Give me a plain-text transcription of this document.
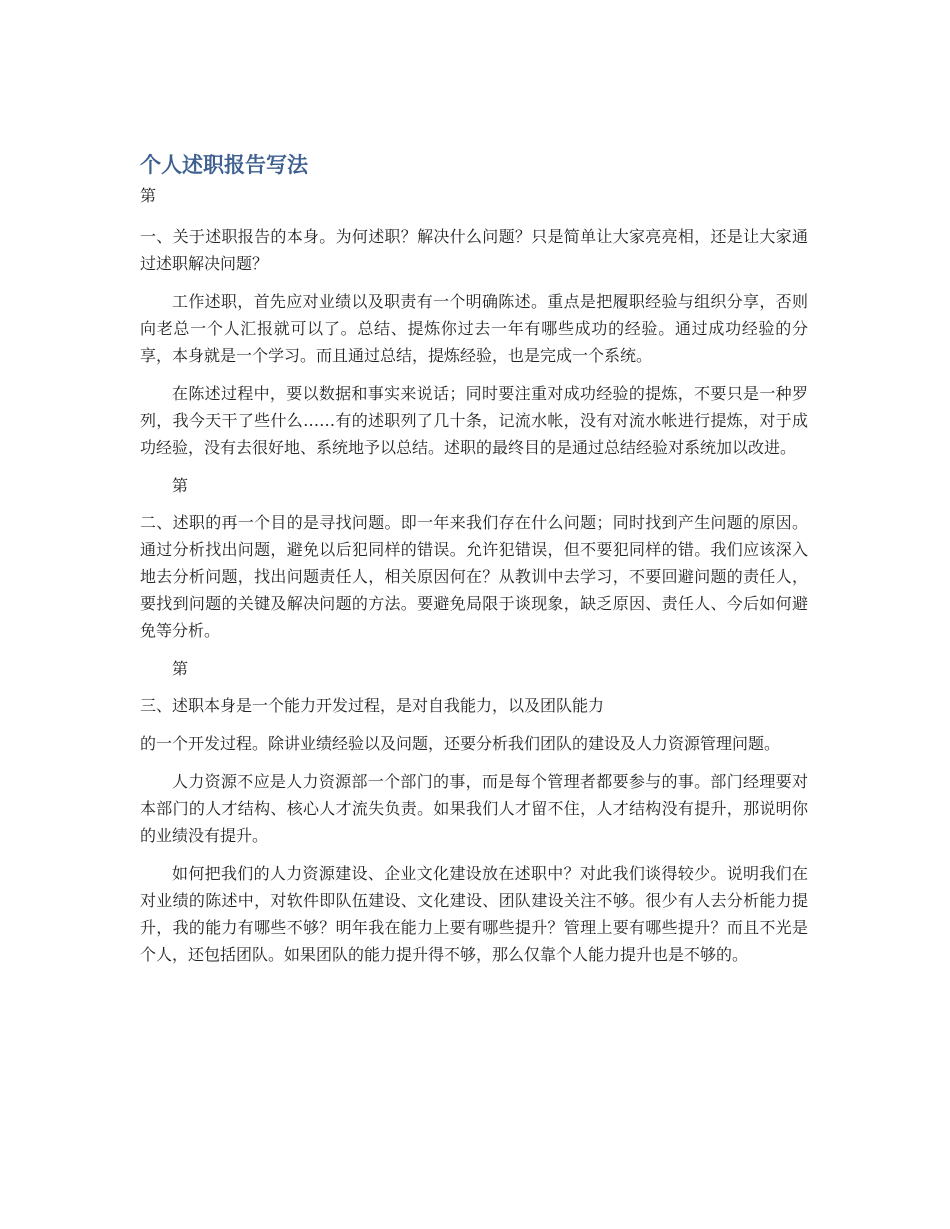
个人述职报告写法

第

一、关于述职报告的本身。为何述职？解决什么问题？只是简单让大家亮亮相，还是让大家通过述职解决问题？

工作述职，首先应对业绩以及职责有一个明确陈述。重点是把履职经验与组织分享，否则向老总一个人汇报就可以了。总结、提炼你过去一年有哪些成功的经验。通过成功经验的分享，本身就是一个学习。而且通过总结，提炼经验，也是完成一个系统。

在陈述过程中，要以数据和事实来说话；同时要注重对成功经验的提炼，不要只是一种罗列，我今天干了些什么……有的述职列了几十条，记流水帐，没有对流水帐进行提炼，对于成功经验，没有去很好地、系统地予以总结。述职的最终目的是通过总结经验对系统加以改进。

第

二、述职的再一个目的是寻找问题。即一年来我们存在什么问题；同时找到产生问题的原因。通过分析找出问题，避免以后犯同样的错误。允许犯错误，但不要犯同样的错。我们应该深入地去分析问题，找出问题责任人，相关原因何在？从教训中去学习，不要回避问题的责任人，要找到问题的关键及解决问题的方法。要避免局限于谈现象，缺乏原因、责任人、今后如何避免等分析。

第

三、述职本身是一个能力开发过程，是对自我能力，以及团队能力

的一个开发过程。除讲业绩经验以及问题，还要分析我们团队的建设及人力资源管理问题。

人力资源不应是人力资源部一个部门的事，而是每个管理者都要参与的事。部门经理要对本部门的人才结构、核心人才流失负责。如果我们人才留不住，人才结构没有提升，那说明你的业绩没有提升。

如何把我们的人力资源建设、企业文化建设放在述职中？对此我们谈得较少。说明我们在对业绩的陈述中，对软件即队伍建设、文化建设、团队建设关注不够。很少有人去分析能力提升，我的能力有哪些不够？明年我在能力上要有哪些提升？管理上要有哪些提升？而且不光是个人，还包括团队。如果团队的能力提升得不够，那么仅靠个人能力提升也是不够的。
